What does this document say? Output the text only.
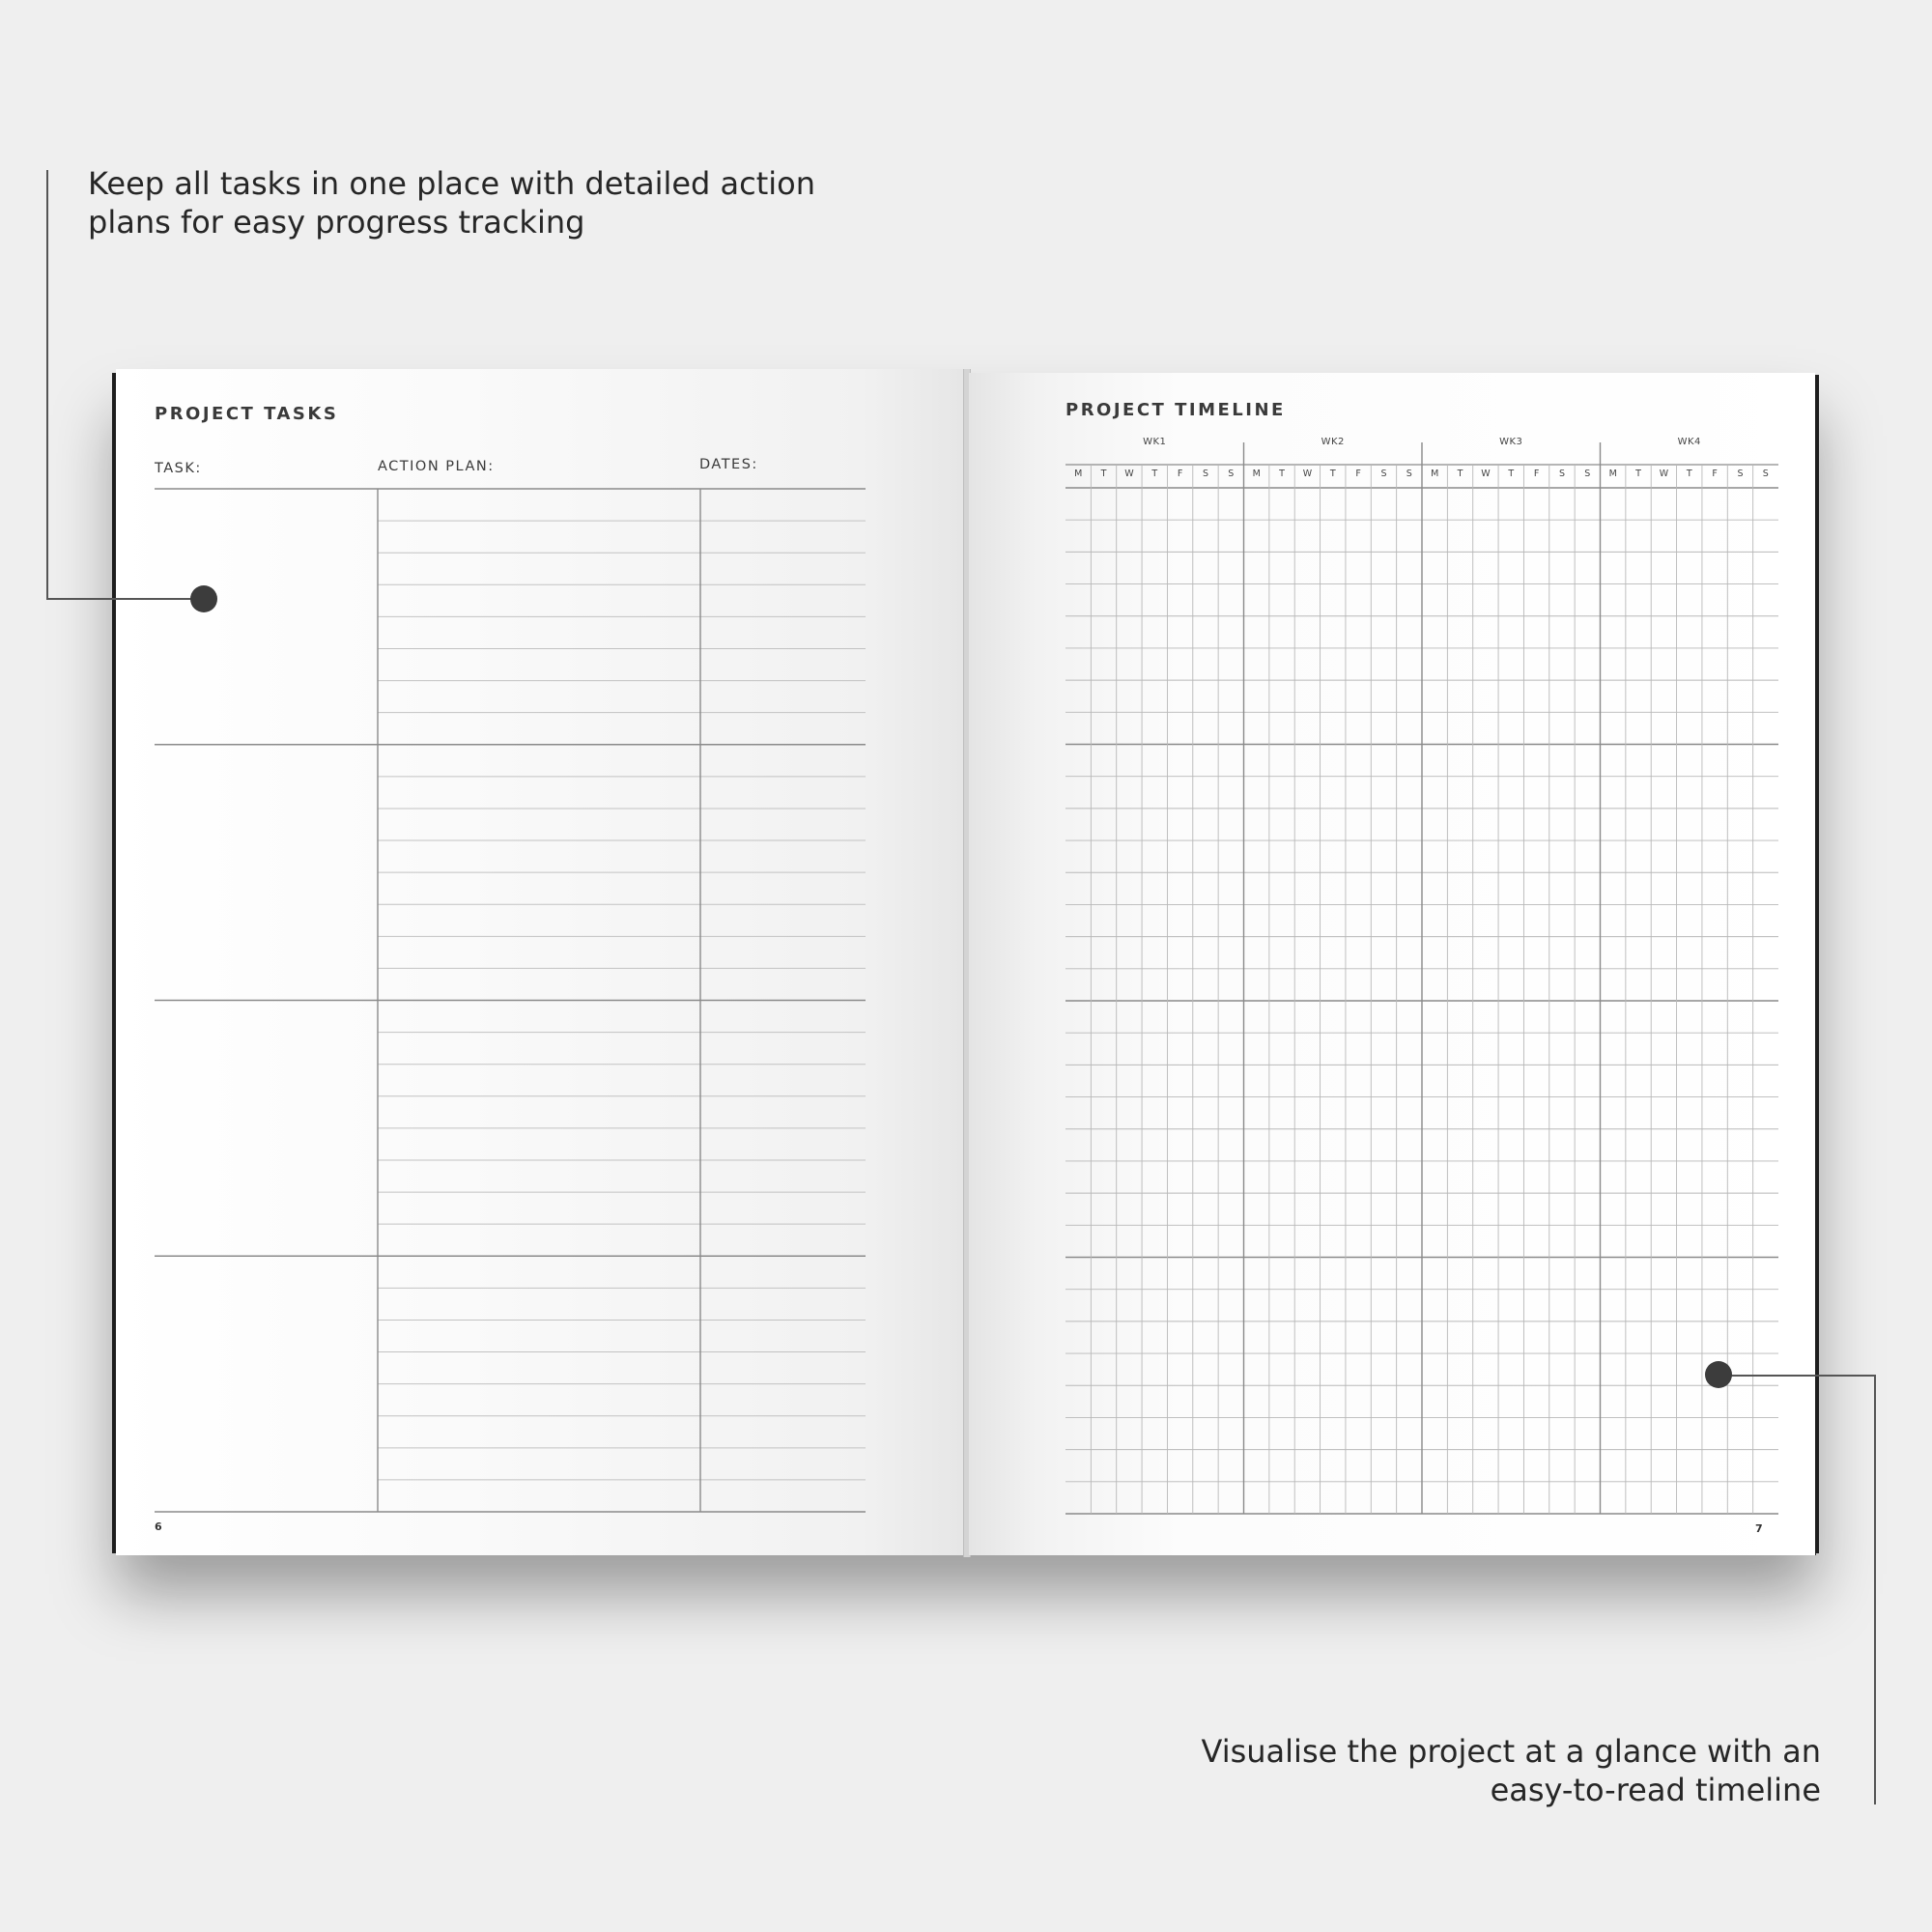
Keep all tasks in one place with detailed action plans for easy progress tracking
Visualise the project at a glance with an easy-to-read timeline
PROJECT TASKS
TASK:	ACTION PLAN:	DATES:
6
PROJECT TIMELINE
WK1	WK2	WK3	WK4
M T W T F S S M T W T F S S M T W T F S S M T W T F S S
7
